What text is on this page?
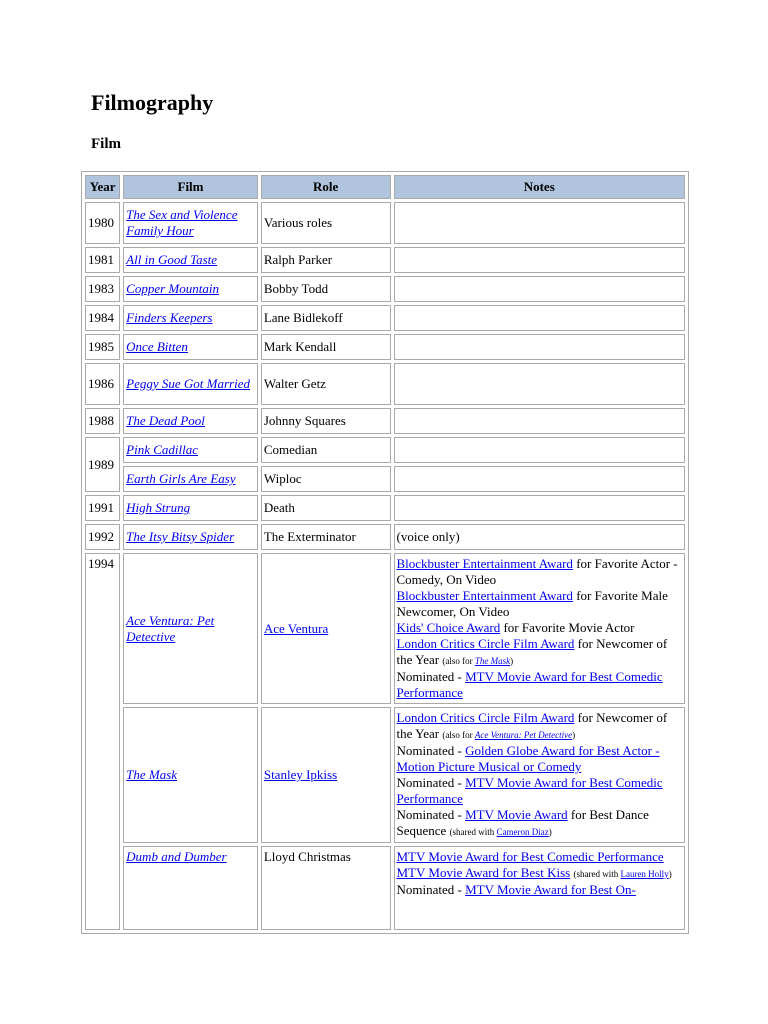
Filmography
Film
Year	Film	Role	Notes
1980	The Sex and Violence Family Hour	Various roles	
1981	All in Good Taste	Ralph Parker	
1983	Copper Mountain	Bobby Todd	
1984	Finders Keepers	Lane Bidlekoff	
1985	Once Bitten	Mark Kendall	
1986	Peggy Sue Got Married	Walter Getz	
1988	The Dead Pool	Johnny Squares	
1989	Pink Cadillac	Comedian	
	Earth Girls Are Easy	Wiploc	
1991	High Strung	Death	
1992	The Itsy Bitsy Spider	The Exterminator	(voice only)
1994	Ace Ventura: Pet Detective	Ace Ventura	Blockbuster Entertainment Award for Favorite Actor - Comedy, On Video
Blockbuster Entertainment Award for Favorite Male Newcomer, On Video
Kids' Choice Award for Favorite Movie Actor
London Critics Circle Film Award for Newcomer of the Year (also for The Mask)
Nominated - MTV Movie Award for Best Comedic Performance
	The Mask	Stanley Ipkiss	London Critics Circle Film Award for Newcomer of the Year (also for Ace Ventura: Pet Detective)
Nominated - Golden Globe Award for Best Actor - Motion Picture Musical or Comedy
Nominated - MTV Movie Award for Best Comedic Performance
Nominated - MTV Movie Award for Best Dance Sequence (shared with Cameron Diaz)
	Dumb and Dumber	Lloyd Christmas	MTV Movie Award for Best Comedic Performance
MTV Movie Award for Best Kiss (shared with Lauren Holly)
Nominated - MTV Movie Award for Best On-
